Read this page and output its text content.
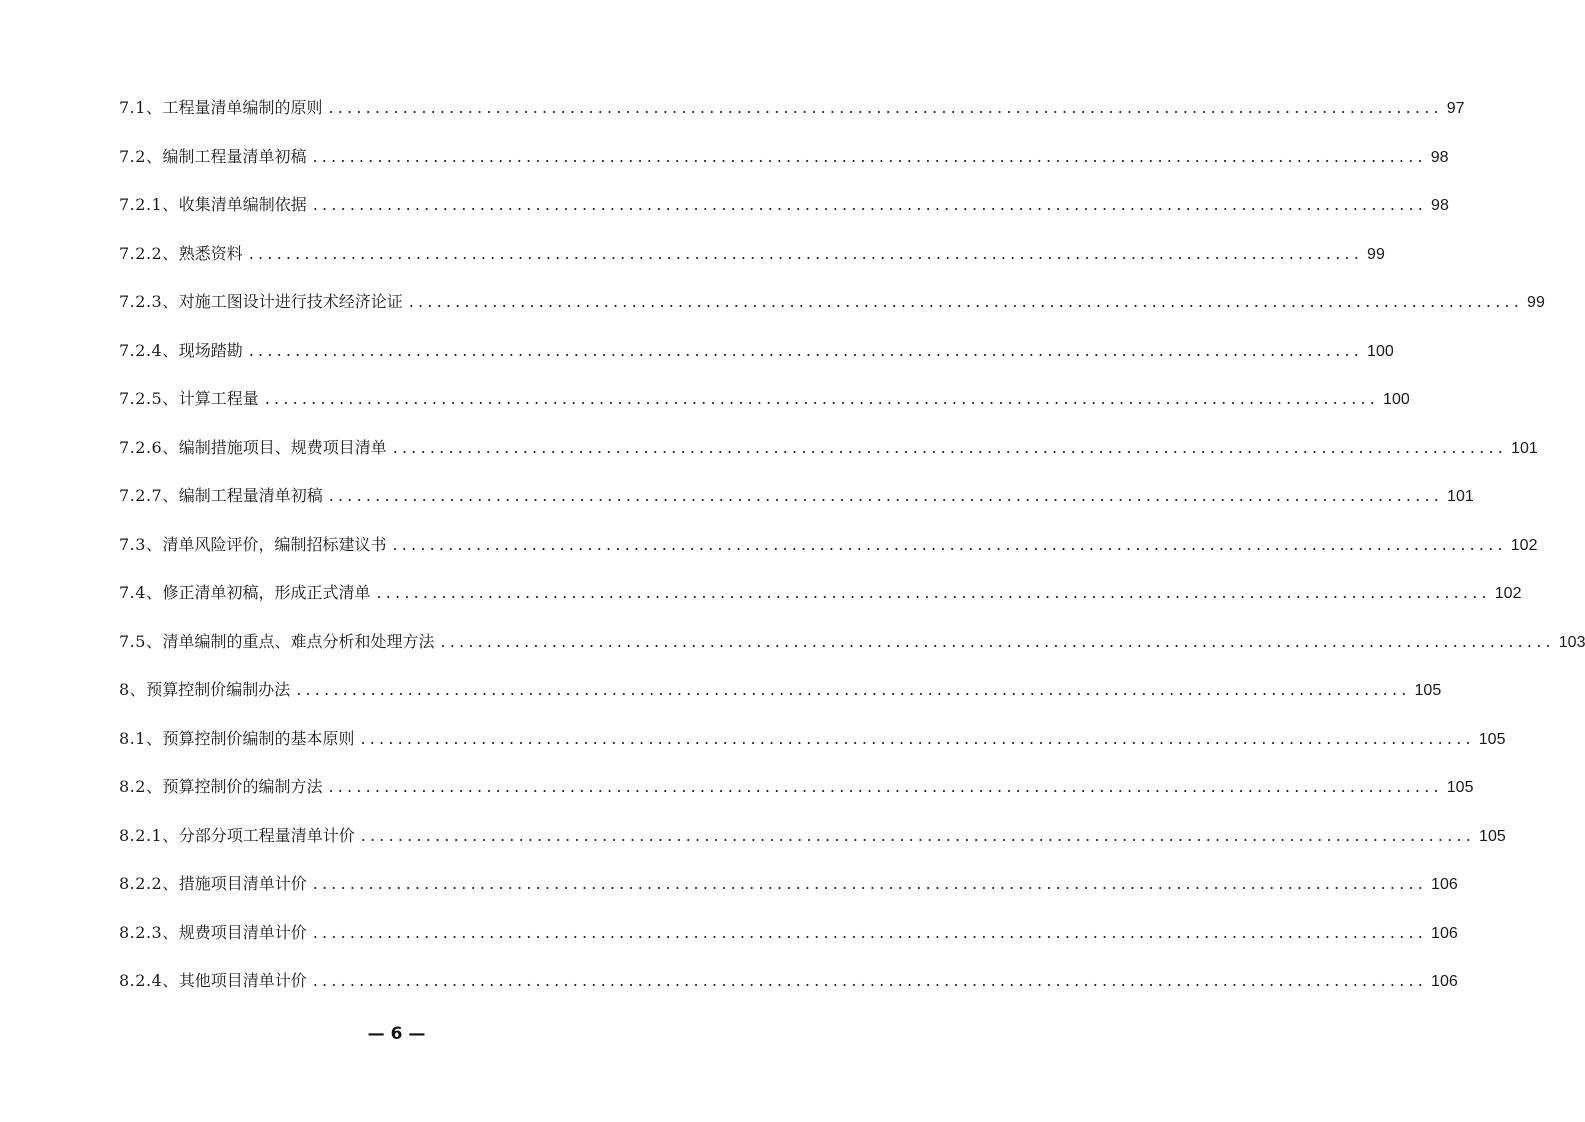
7.1、 工程量清单编制的原则 ........................................................................................................................ 97
7.2、 编制工程量清单初稿 ........................................................................................................................ 98
7.2.1、 收集清单编制依据 ........................................................................................................................ 98
7.2.2、 熟悉资料 ........................................................................................................................ 99
7.2.3、 对施工图设计进行技术经济论证 ........................................................................................................................ 99
7.2.4、 现场踏勘 ........................................................................................................................ 100
7.2.5、 计算工程量 ........................................................................................................................ 100
7.2.6、 编制措施项目、规费项目清单 ........................................................................................................................ 101
7.2.7、 编制工程量清单初稿 ........................................................................................................................ 101
7.3、 清单风险评价，编制招标建议书 ........................................................................................................................ 102
7.4、 修正清单初稿，形成正式清单 ........................................................................................................................ 102
7.5、 清单编制的重点、难点分析和处理方法 ........................................................................................................................ 103
8、 预算控制价编制办法 ........................................................................................................................ 105
8.1、 预算控制价编制的基本原则 ........................................................................................................................ 105
8.2、 预算控制价的编制方法 ........................................................................................................................ 105
8.2.1、 分部分项工程量清单计价 ........................................................................................................................ 105
8.2.2、 措施项目清单计价 ........................................................................................................................ 106
8.2.3、 规费项目清单计价 ........................................................................................................................ 106
8.2.4、 其他项目清单计价 ........................................................................................................................ 106
— 6 —
